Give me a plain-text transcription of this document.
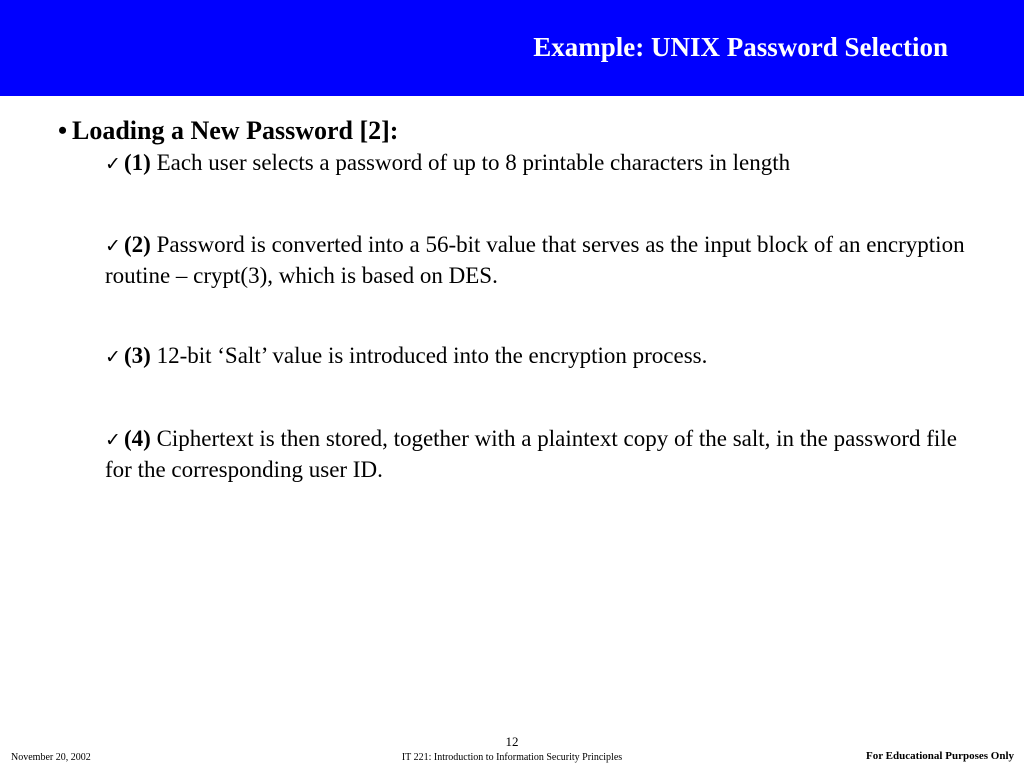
Example: UNIX Password Selection
• Loading a New Password [2]:
✓ (1) Each user selects a password of up to 8 printable characters in length
✓ (2) Password is converted into a 56-bit value that serves as the input block of an encryption routine – crypt(3), which is based on DES.
✓ (3) 12-bit ‘Salt’ value is introduced into the encryption process.
✓ (4) Ciphertext is then stored, together with a plaintext copy of the salt, in the password file for the corresponding user ID.
12
November 20, 2002	IT 221: Introduction to Information Security Principles	For Educational Purposes Only
